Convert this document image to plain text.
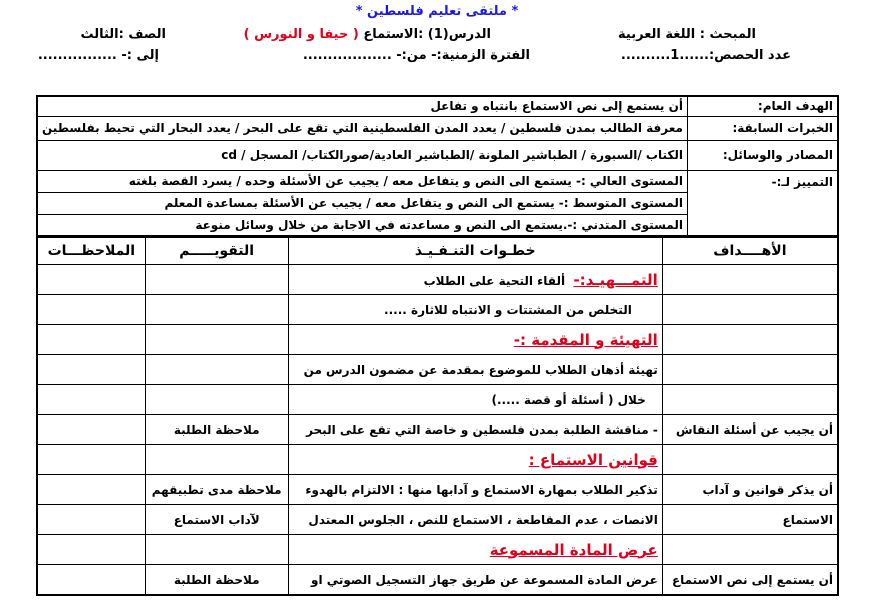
* ملتقى تعليم فلسطين *
المبحث : اللغة العربية
الدرس(1) :الاستماع ( حيفا و النورس )
الصف :الثالث
عدد الحصص:......1..........
الفترة الزمنية:- من:- ..................
إلى :- ................
الهدف العام:	أن يستمع إلى نص الاستماع بانتباه و تفاعل
الخبرات السابقة:	معرفة الطالب بمدن فلسطين / يعدد المدن الفلسطينية التي تقع على البحر / يعدد البحار التي تحيط بفلسطين
المصادر والوسائل:	الكتاب /السبورة / الطباشير الملونة /الطباشير العادية/صورالكتاب/ المسجل / cd
التمييز لـ:-	المستوى العالي :- يستمع الى النص و يتفاعل معه / يجيب عن الأسئلة وحده / يسرد القصة بلغته
	المستوى المتوسط :- يستمع الى النص و يتفاعل معه / يجيب عن الأسئلة بمساعدة المعلم
	المستوى المتدني :-.يستمع الى النص و مساعدته في الاجابة من خلال وسائل منوعة
الأهــــداف	خطـوات التنـفـيـذ	التقويـــــم	الملاحظـــات
	التمـــهيـد:-  ألقاء التحية على الطلاب		
	التخلص من المشتتات و الانتباه للاثارة .....		
	التهيئة و المقدمة :-		
	تهيئة أذهان الطلاب للموضوع بمقدمة عن مضمون الدرس من		
	خلال ( أسئلة أو قصة .....)		
أن يجيب عن أسئلة النقاش	- مناقشة الطلبة بمدن فلسطين و خاصة التي تقع على البحر	ملاحظة الطلبة	
	قوانين الاستماع :		
أن يذكر قوانين و آداب	تذكير الطلاب بمهارة الاستماع و آدابها منها : الالتزام بالهدوء	ملاحظة مدى تطبيقهم	
الاستماع	الانصات ، عدم المقاطعة ، الاستماع للنص ، الجلوس المعتدل	لآداب الاستماع	
	عرض المادة المسموعة		
أن يستمع إلى نص الاستماع	عرض المادة المسموعة عن طريق جهاز التسجيل الصوتي او	ملاحظة الطلبة	
